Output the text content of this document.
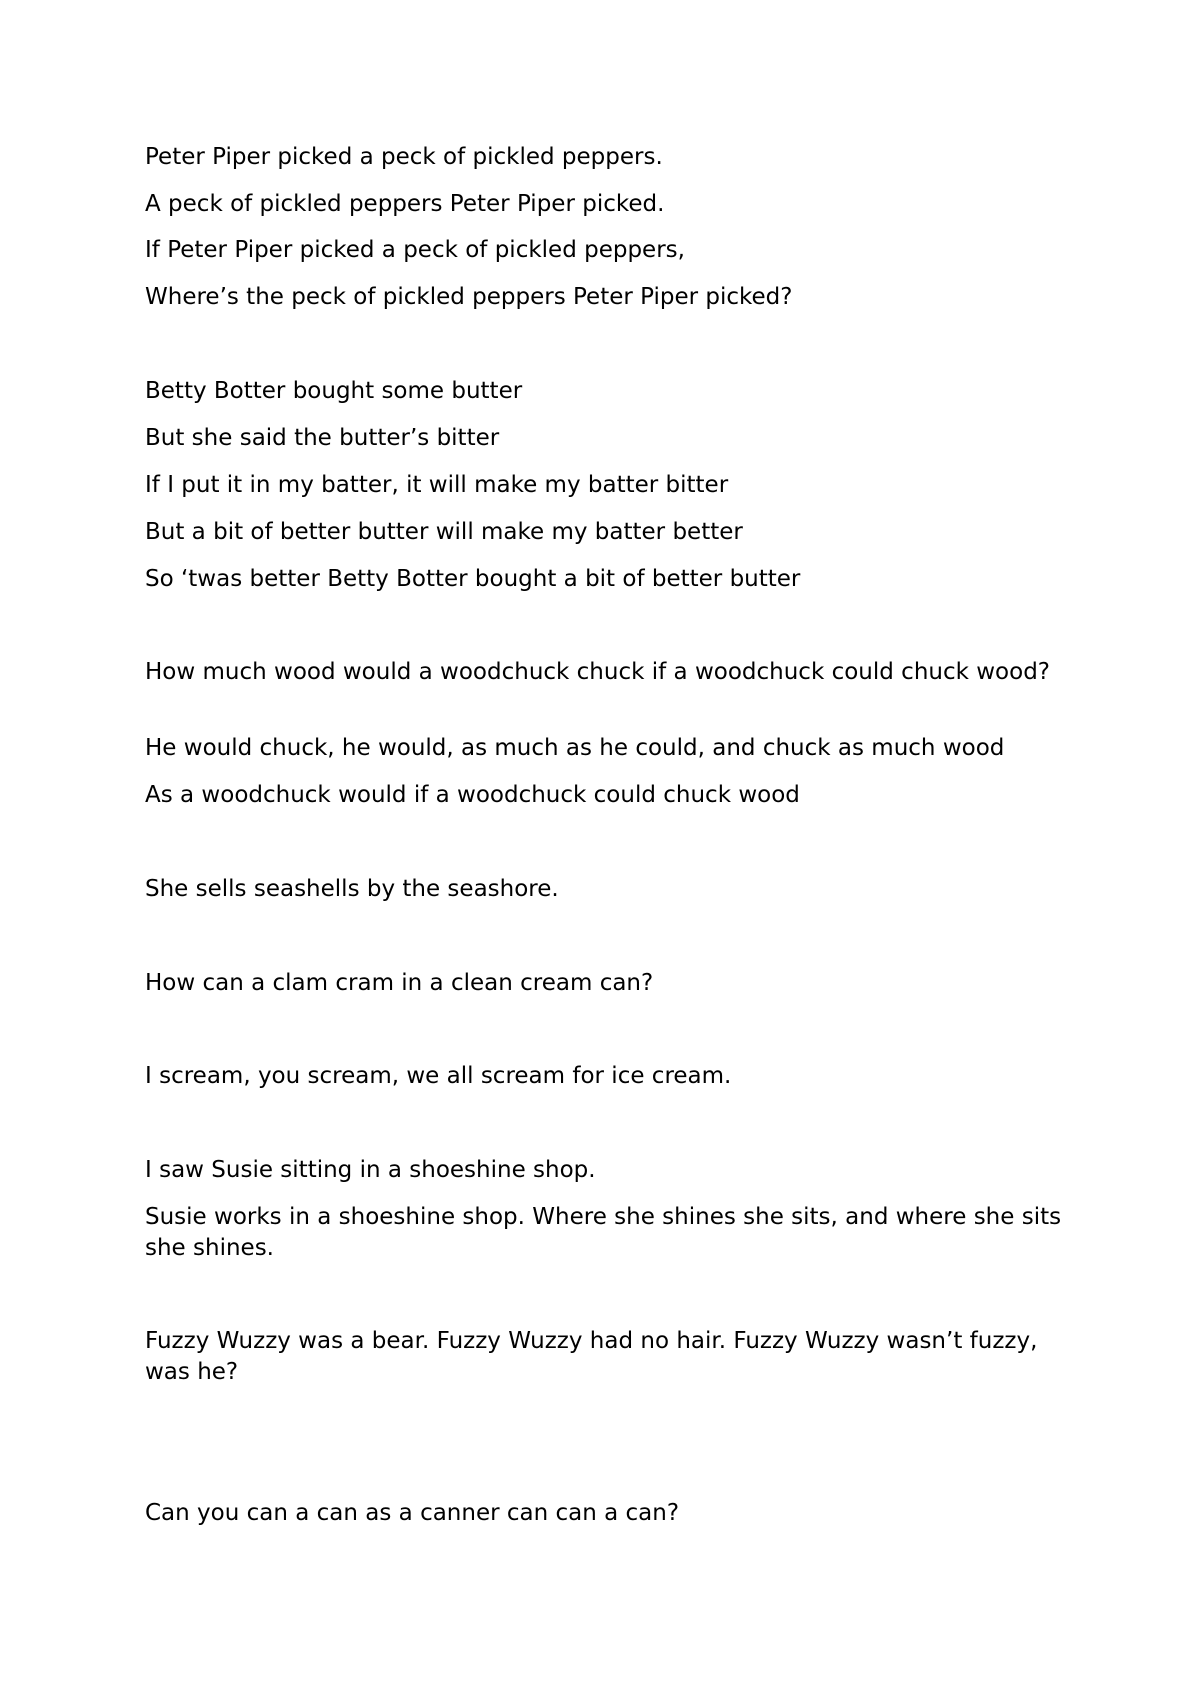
Peter Piper picked a peck of pickled peppers.

A peck of pickled peppers Peter Piper picked.

If Peter Piper picked a peck of pickled peppers,

Where’s the peck of pickled peppers Peter Piper picked?

Betty Botter bought some butter

But she said the butter’s bitter

If I put it in my batter, it will make my batter bitter

But a bit of better butter will make my batter better

So ‘twas better Betty Botter bought a bit of better butter

How much wood would a woodchuck chuck if a woodchuck could chuck wood?

He would chuck, he would, as much as he could, and chuck as much wood

As a woodchuck would if a woodchuck could chuck wood

She sells seashells by the seashore.

How can a clam cram in a clean cream can?

I scream, you scream, we all scream for ice cream.

I saw Susie sitting in a shoeshine shop.

Susie works in a shoeshine shop. Where she shines she sits, and where she sits she shines.

Fuzzy Wuzzy was a bear. Fuzzy Wuzzy had no hair. Fuzzy Wuzzy wasn’t fuzzy, was he?

Can you can a can as a canner can can a can?
